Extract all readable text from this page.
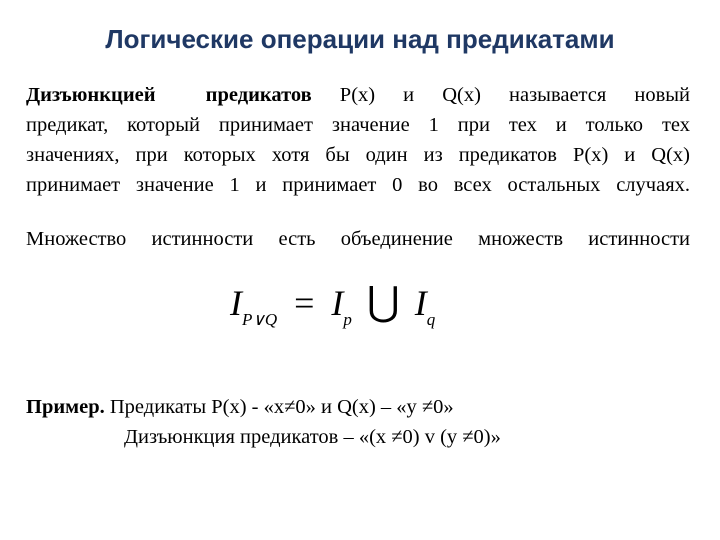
Логические операции над предикатами
Дизъюнкцией предикатов P(x) и Q(x) называется новый
предикат, который принимает значение 1 при тех и только тех
значениях, при которых хотя бы один из предикатов P(x) и Q(x)
принимает значение 1 и принимает 0 во всех остальных случаях.
Множество истинности есть объединение множеств истинности
$I_{P\vee Q} = I_p$ ⋃ $I_q$
Пример. Предикаты P(x) - «x≠0» и Q(x) – «y ≠0»
Дизъюнкция предикатов – «(x ≠0) v (y ≠0)»
